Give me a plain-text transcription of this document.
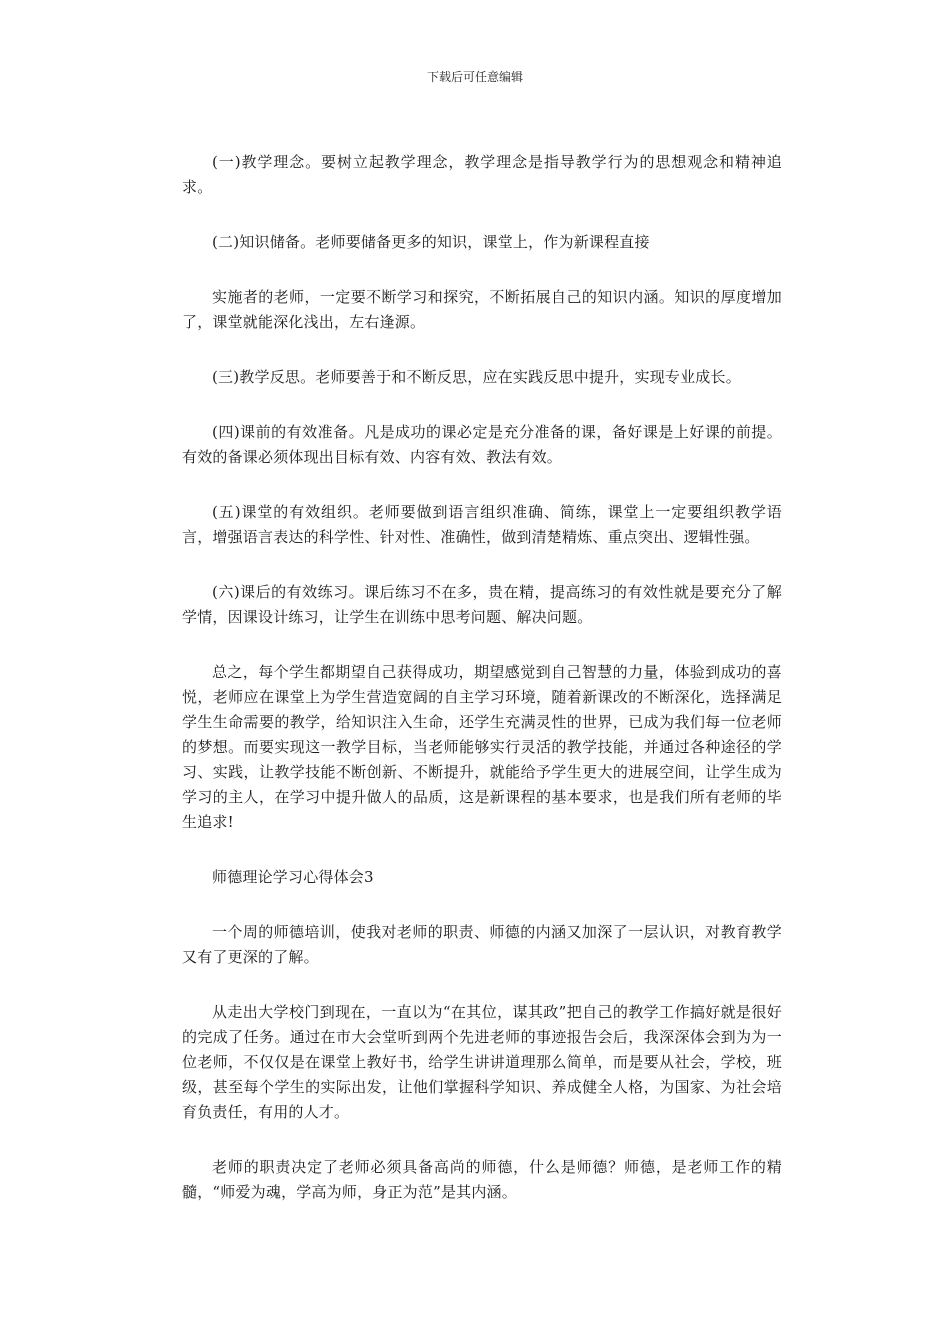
下载后可任意编辑

(一)教学理念。要树立起教学理念，教学理念是指导教学行为的思想观念和精神追求。

(二)知识储备。老师要储备更多的知识，课堂上，作为新课程直接

实施者的老师，一定要不断学习和探究，不断拓展自己的知识内涵。知识的厚度增加了，课堂就能深化浅出，左右逢源。

(三)教学反思。老师要善于和不断反思，应在实践反思中提升，实现专业成长。

(四)课前的有效准备。凡是成功的课必定是充分准备的课，备好课是上好课的前提。有效的备课必须体现出目标有效、内容有效、教法有效。

(五)课堂的有效组织。老师要做到语言组织准确、简练，课堂上一定要组织教学语言，增强语言表达的科学性、针对性、准确性，做到清楚精炼、重点突出、逻辑性强。

(六)课后的有效练习。课后练习不在多，贵在精，提高练习的有效性就是要充分了解学情，因课设计练习，让学生在训练中思考问题、解决问题。

总之，每个学生都期望自己获得成功，期望感觉到自己智慧的力量，体验到成功的喜悦，老师应在课堂上为学生营造宽阔的自主学习环境，随着新课改的不断深化，选择满足学生生命需要的教学，给知识注入生命，还学生充满灵性的世界，已成为我们每一位老师的梦想。而要实现这一教学目标，当老师能够实行灵活的教学技能，并通过各种途径的学习、实践，让教学技能不断创新、不断提升，就能给予学生更大的进展空间，让学生成为学习的主人，在学习中提升做人的品质，这是新课程的基本要求，也是我们所有老师的毕生追求!

师德理论学习心得体会3

一个周的师德培训，使我对老师的职责、师德的内涵又加深了一层认识，对教育教学又有了更深的了解。

从走出大学校门到现在，一直以为“在其位，谋其政”把自己的教学工作搞好就是很好的完成了任务。通过在市大会堂听到两个先进老师的事迹报告会后，我深深体会到为为一位老师，不仅仅是在课堂上教好书，给学生讲讲道理那么简单，而是要从社会，学校，班级，甚至每个学生的实际出发，让他们掌握科学知识、养成健全人格，为国家、为社会培育负责任，有用的人才。

老师的职责决定了老师必须具备高尚的师德，什么是师德？师德，是老师工作的精髓，“师爱为魂，学高为师，身正为范”是其内涵。
